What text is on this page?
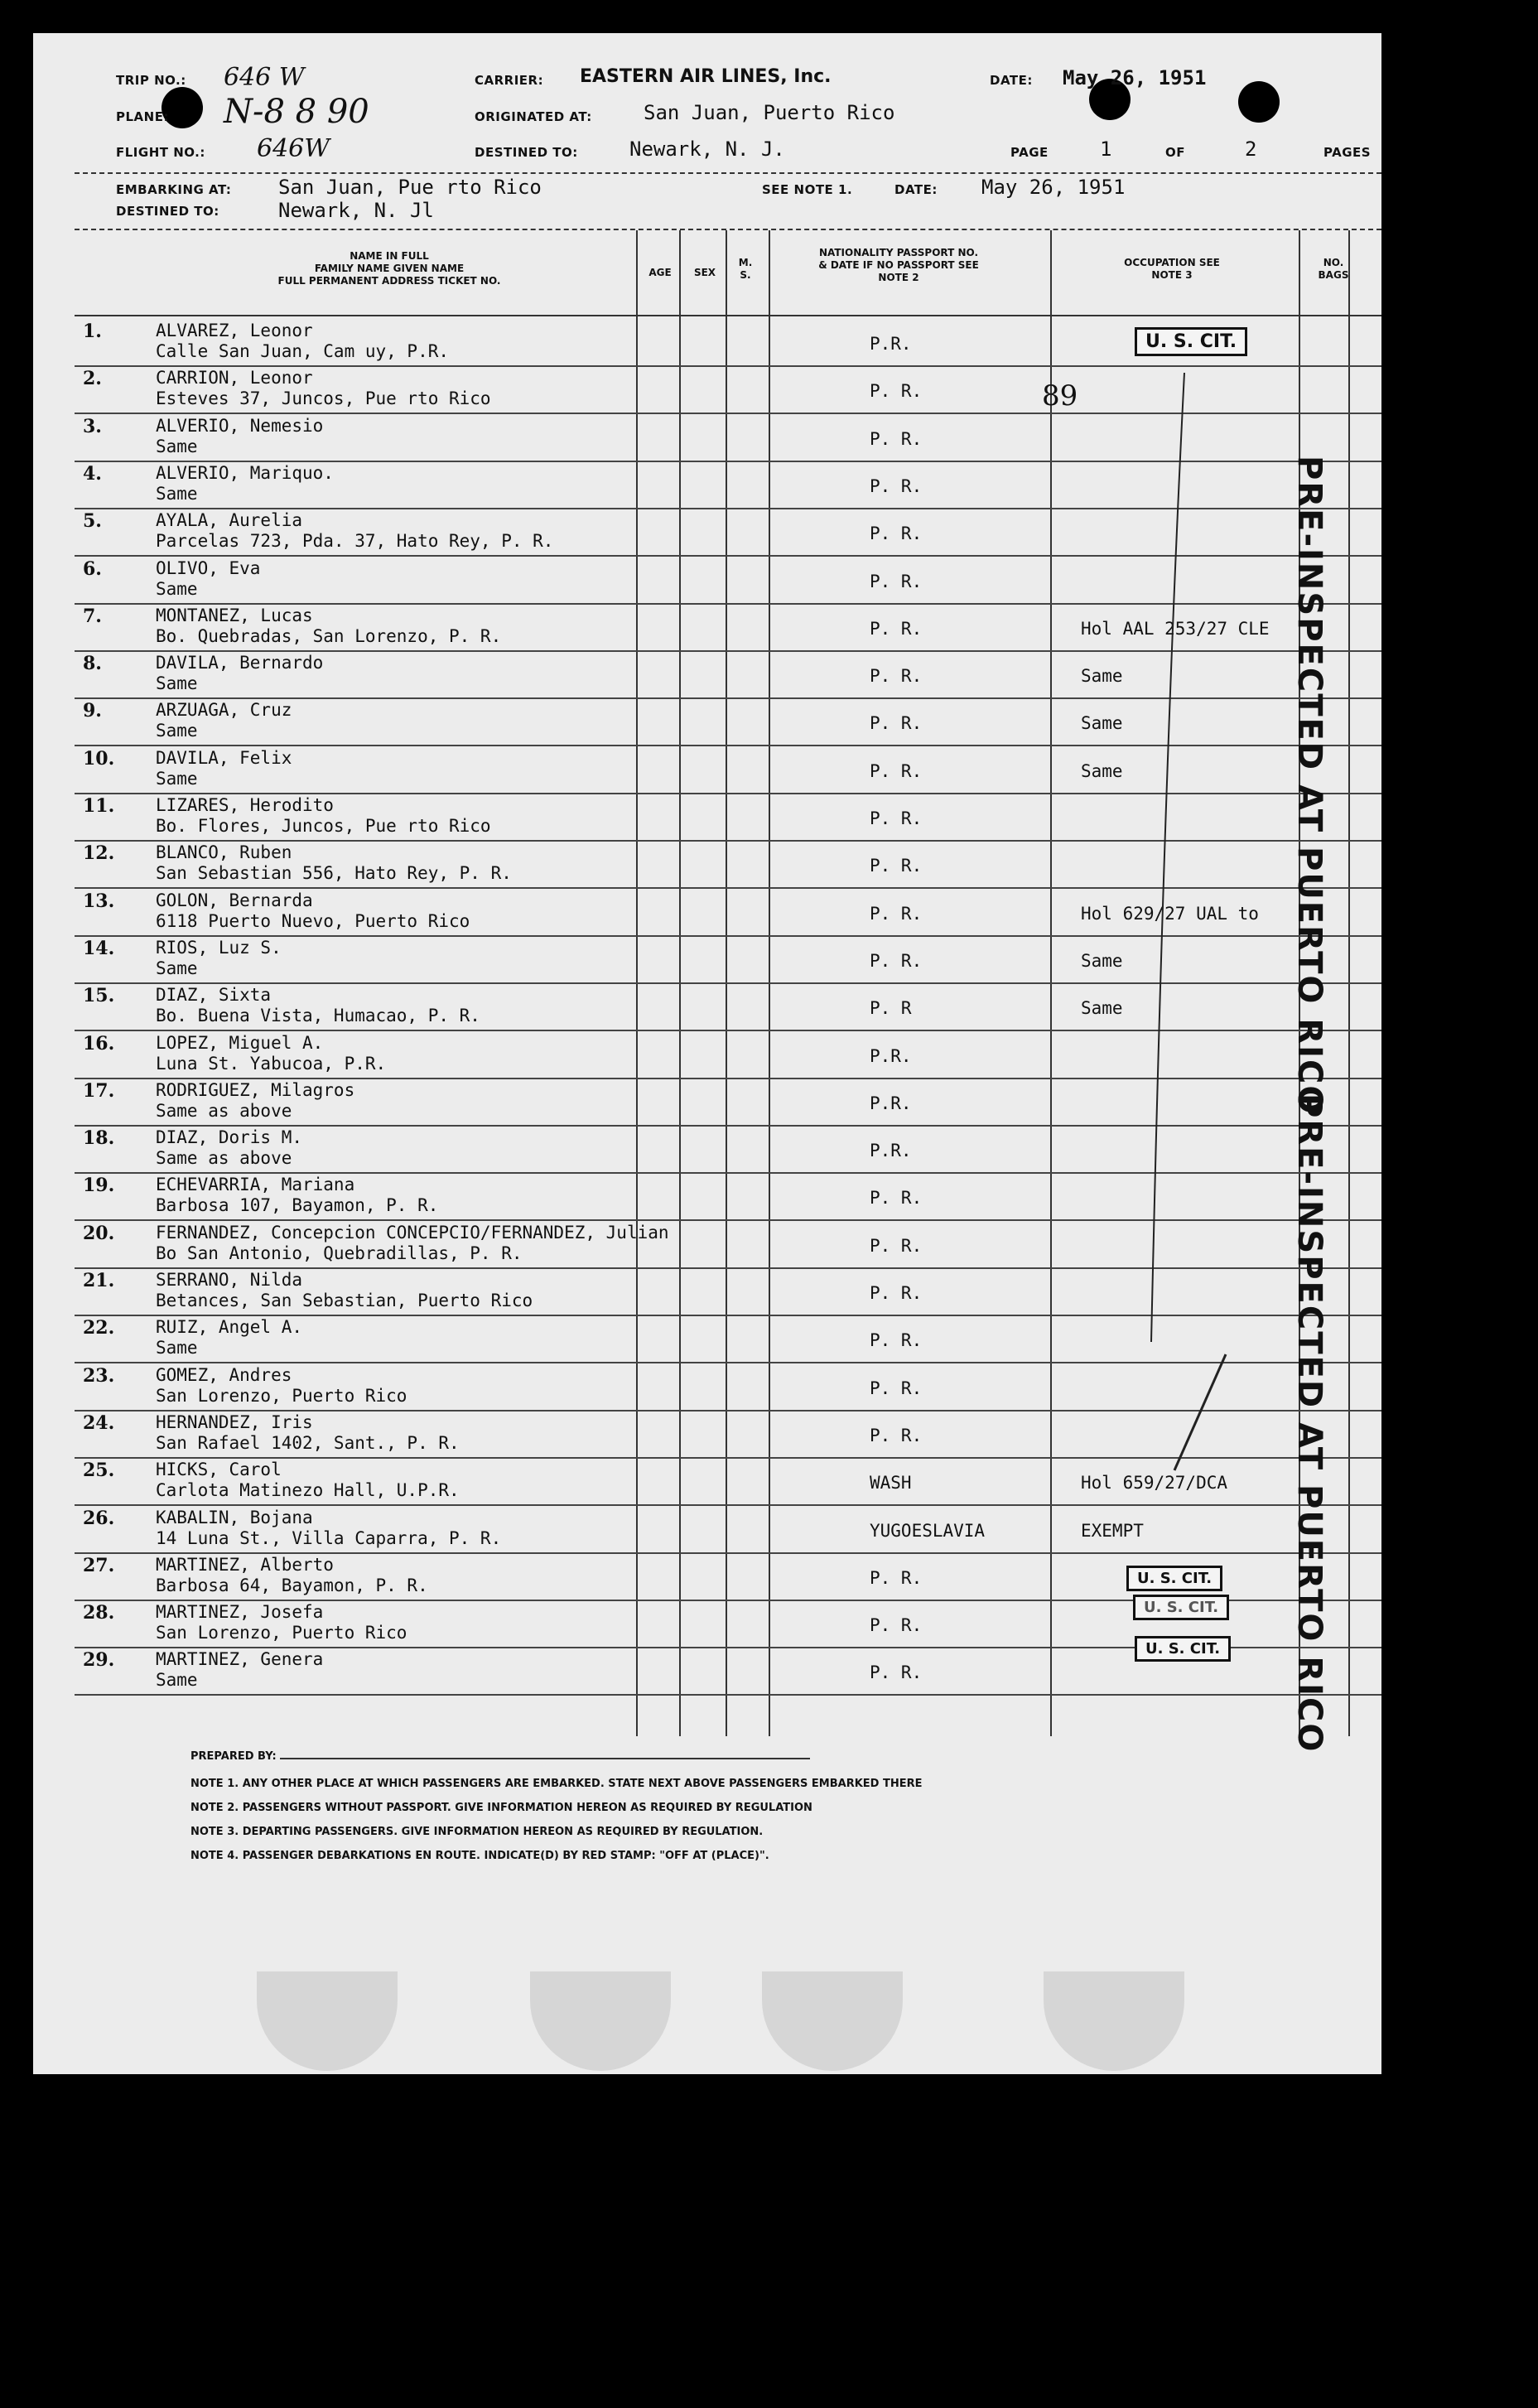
TRIP NO.: 646 W
PLANE: N-8 8 90
FLIGHT NO.: 646W
CARRIER: EASTERN AIR LINES, Inc.
ORIGINATED AT:	San Juan, Puerto Rico
DESTINED TO:	Newark, N. J.
DATE: May 26, 1951
PAGE	1	OF	2	PAGES
EMBARKING AT: San Juan, Pue rto Rico
DESTINED TO:	Newark, N. Jl
SEE NOTE 1.	DATE: May 26, 1951
NAME IN FULL
FAMILY NAME GIVEN NAME
FULL PERMANENT ADDRESS TICKET NO.
AGE	SEX
M. S.
NATIONALITY PASSPORT NO. & DATE IF NO PASSPORT SEE NOTE 2
OCCUPATION SEE NOTE 3
NO. BAGS
1.	ALVAREZ, Leonor
Calle San Juan, Cam uy, P.R.	P.R.
2.	CARRION, Leonor
Esteves 37, Juncos, Pue rto Rico	P. R.
3.	ALVERIO, Nemesio
Same	P. R.
4.	ALVERIO, Mariquo.
Same	P. R.
5.	AYALA, Aurelia
Parcelas 723, Pda. 37, Hato Rey, P. R.	P. R.
6.	OLIVO, Eva
Same	P. R.
7.	MONTANEZ, Lucas
Bo. Quebradas, San Lorenzo, P. R.	P. R.	Hol AAL 253/27 CLE
8.	DAVILA, Bernardo
Same	P. R.	Same
9.	ARZUAGA, Cruz
Same	P. R.	Same
10. DAVILA, Felix
Same	P. R.	Same
11. LIZARES, Herodito
Bo. Flores, Juncos, Pue rto Rico	P. R.
12. BLANCO, Ruben
San Sebastian 556, Hato Rey, P. R.	P. R.
13. GOLON, Bernarda
6118 Puerto Nuevo, Puerto Rico	P. R.	Hol 629/27 UAL to
14. RIOS, Luz S.
Same	P. R.	Same
15. DIAZ, Sixta
Bo. Buena Vista, Humacao, P. R.	P. R	Same
16. LOPEZ, Miguel A.
Luna St. Yabucoa, P.R.	P.R.
17. RODRIGUEZ, Milagros
Same as above	P.R.
18. DIAZ, Doris M.
Same as above	P.R.
19. ECHEVARRIA, Mariana
Barbosa 107, Bayamon, P. R.	P. R.
20. FERNANDEZ, Concepcion CONCEPCIO/FERNANDEZ, Julian
Bo San Antonio, Quebradillas, P. R.	P. R.
21. SERRANO, Nilda
Betances, San Sebastian, Puerto Rico	P. R.
22. RUIZ, Angel A.
Same	P. R.
23. GOMEZ, Andres
San Lorenzo, Puerto Rico	P. R.
24. HERNANDEZ, Iris
San Rafael 1402, Sant., P. R.	P. R.
25. HICKS, Carol
Carlota Matinezo Hall, U.P.R.	WASH	Hol 659/27/DCA
26. KABALIN, Bojana
14 Luna St., Villa Caparra, P. R.	YUGOESLAVIA	EXEMPT
27. MARTINEZ, Alberto
Barbosa 64, Bayamon, P. R.	P. R.
28. MARTINEZ, Josefa
San Lorenzo, Puerto Rico	P. R.
29. MARTINEZ, Genera
Same	P. R.
89
U. S. CIT.
U. S. CIT.
U. S. CIT.
U. S. CIT.
PRE-INSPECTED AT PUERTO RICO
PRE-INSPECTED AT PUERTO RICO
PREPARED BY:
NOTE 1. ANY OTHER PLACE AT WHICH PASSENGERS ARE EMBARKED. STATE NEXT ABOVE PASSENGERS EMBARKED THERE
NOTE 2. PASSENGERS WITHOUT PASSPORT. GIVE INFORMATION HEREON AS REQUIRED BY REGULATION
NOTE 3. DEPARTING PASSENGERS. GIVE INFORMATION HEREON AS REQUIRED BY REGULATION.
NOTE 4. PASSENGER DEBARKATIONS EN ROUTE. INDICATE(D) BY RED STAMP: "OFF AT (PLACE)".
